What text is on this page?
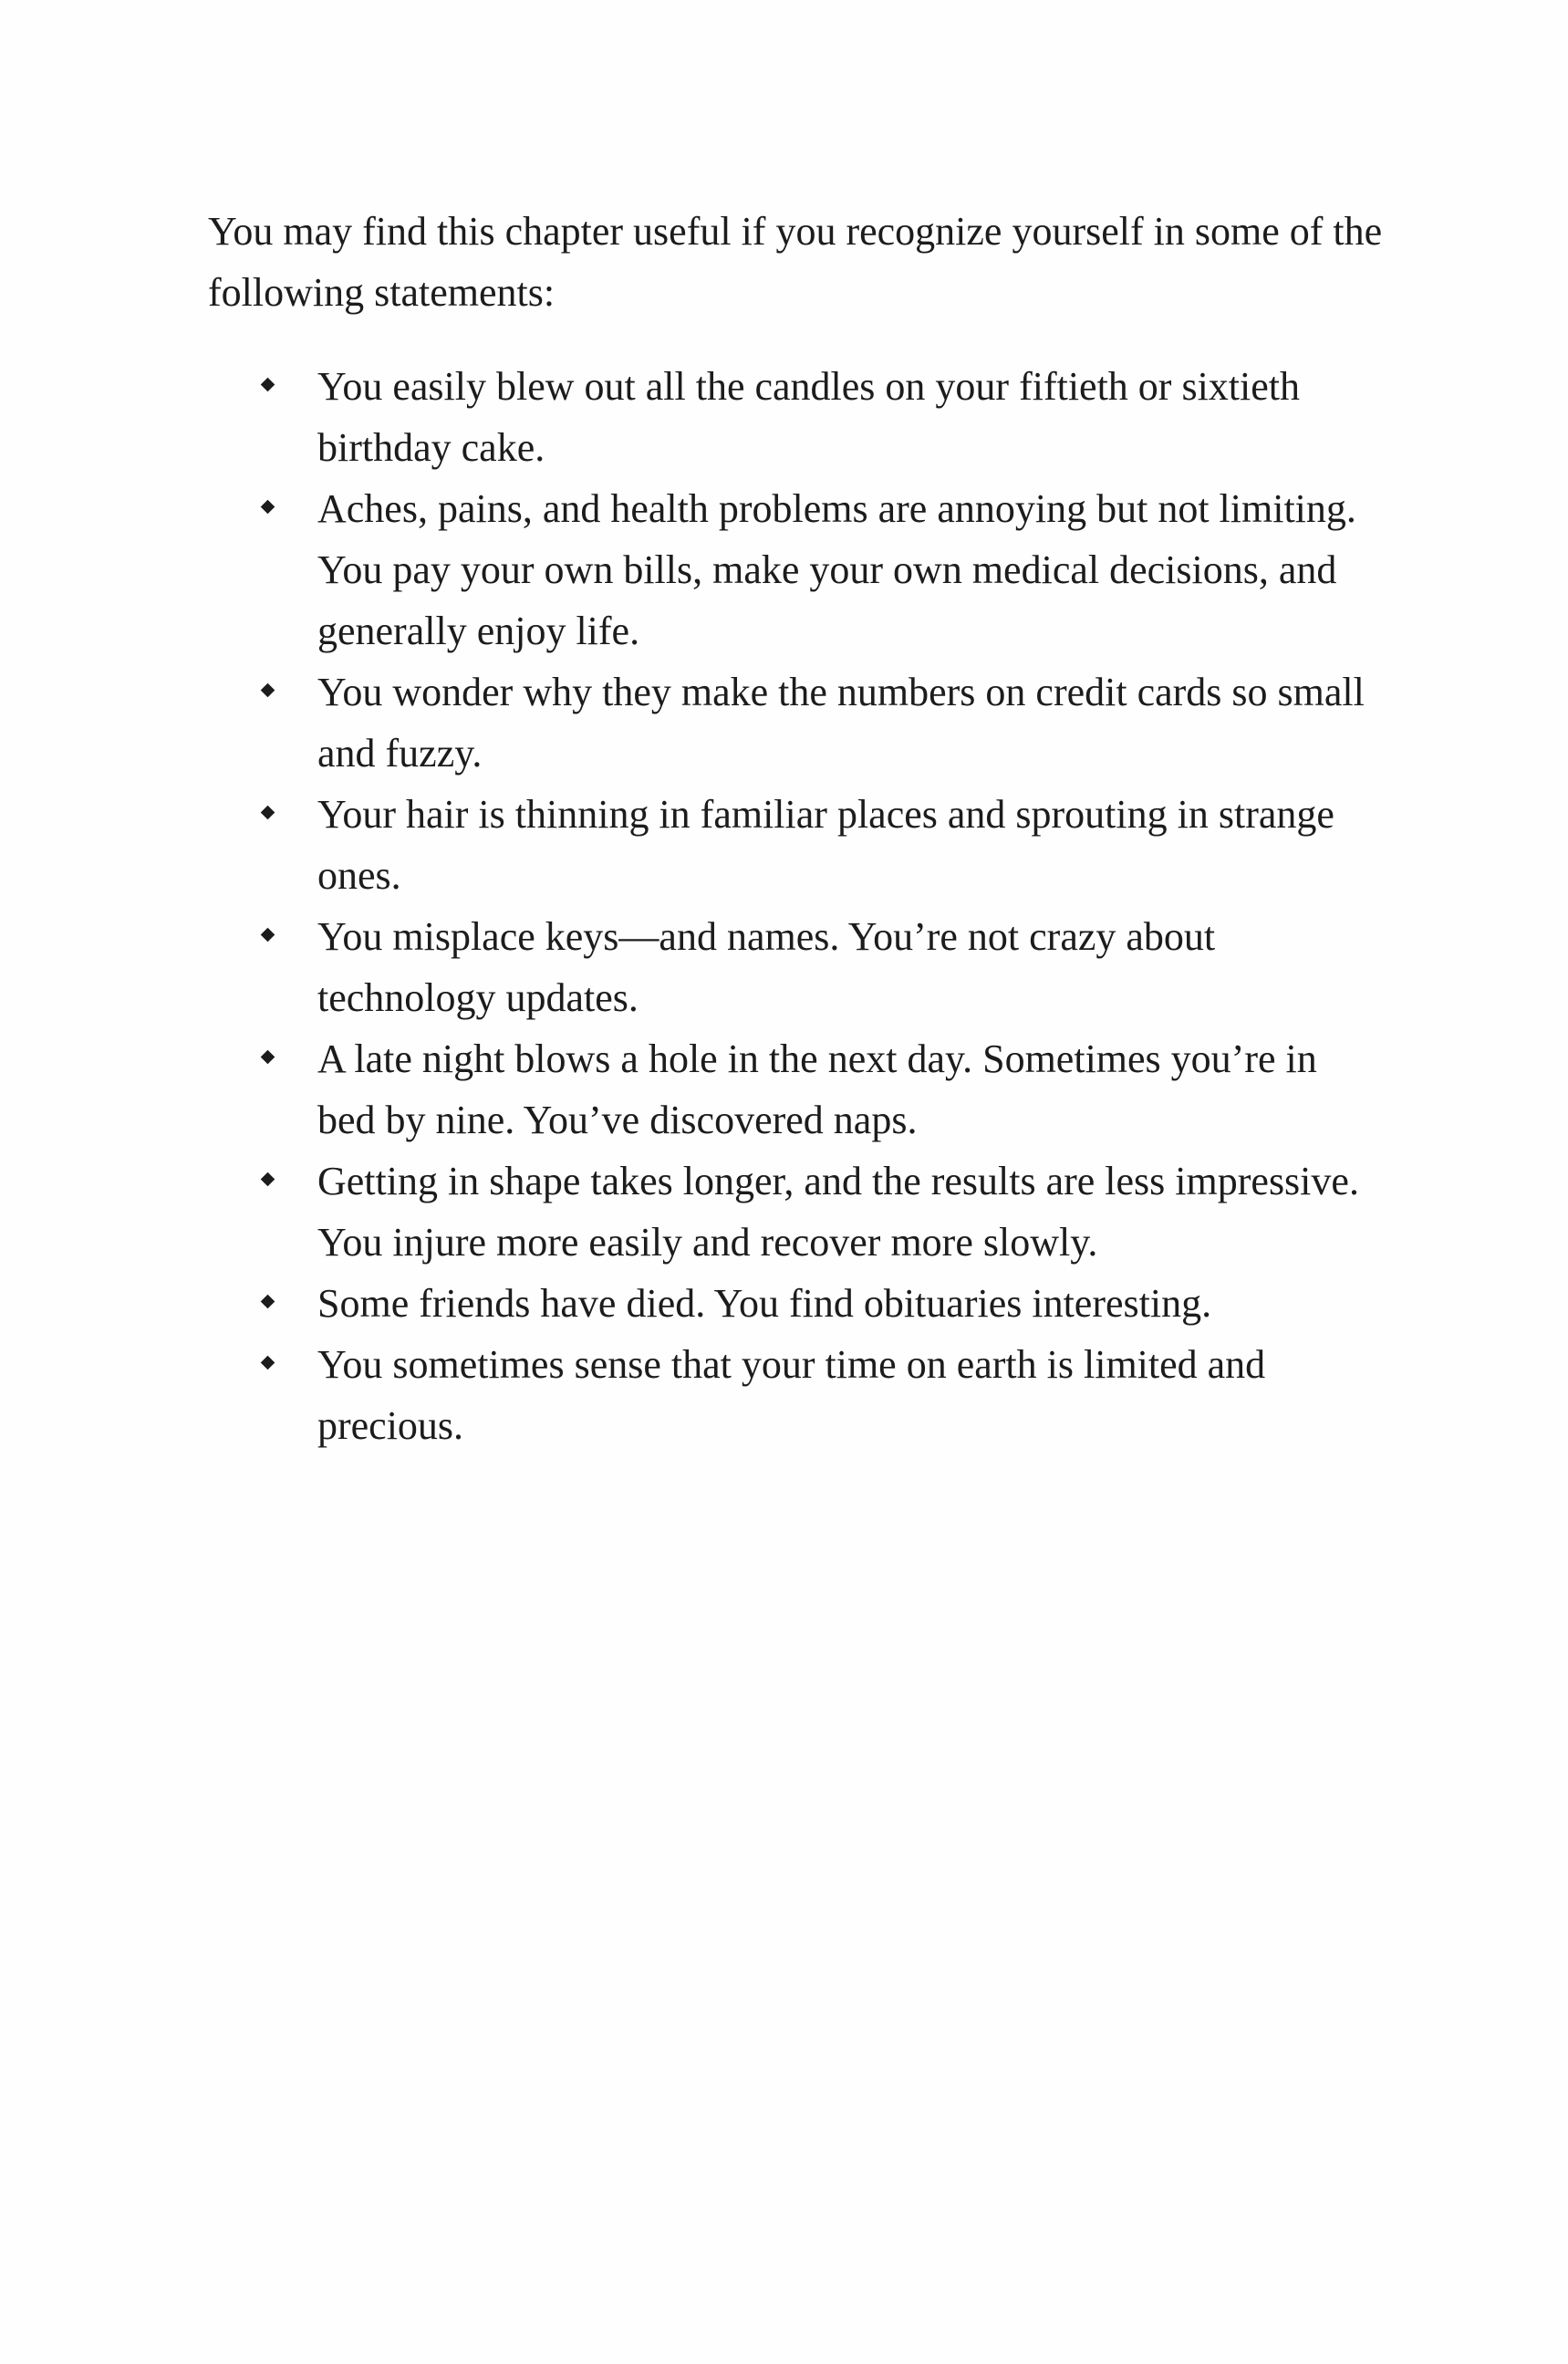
You may find this chapter useful if you recognize yourself in some of the following statements:

You easily blew out all the candles on your fiftieth or sixtieth birthday cake.
Aches, pains, and health problems are annoying but not limiting. You pay your own bills, make your own medical decisions, and generally enjoy life.
You wonder why they make the numbers on credit cards so small and fuzzy.
Your hair is thinning in familiar places and sprouting in strange ones.
You misplace keys—and names. You’re not crazy about technology updates.
A late night blows a hole in the next day. Sometimes you’re in bed by nine. You’ve discovered naps.
Getting in shape takes longer, and the results are less impressive. You injure more easily and recover more slowly.
Some friends have died. You find obituaries interesting.
You sometimes sense that your time on earth is limited and precious.
